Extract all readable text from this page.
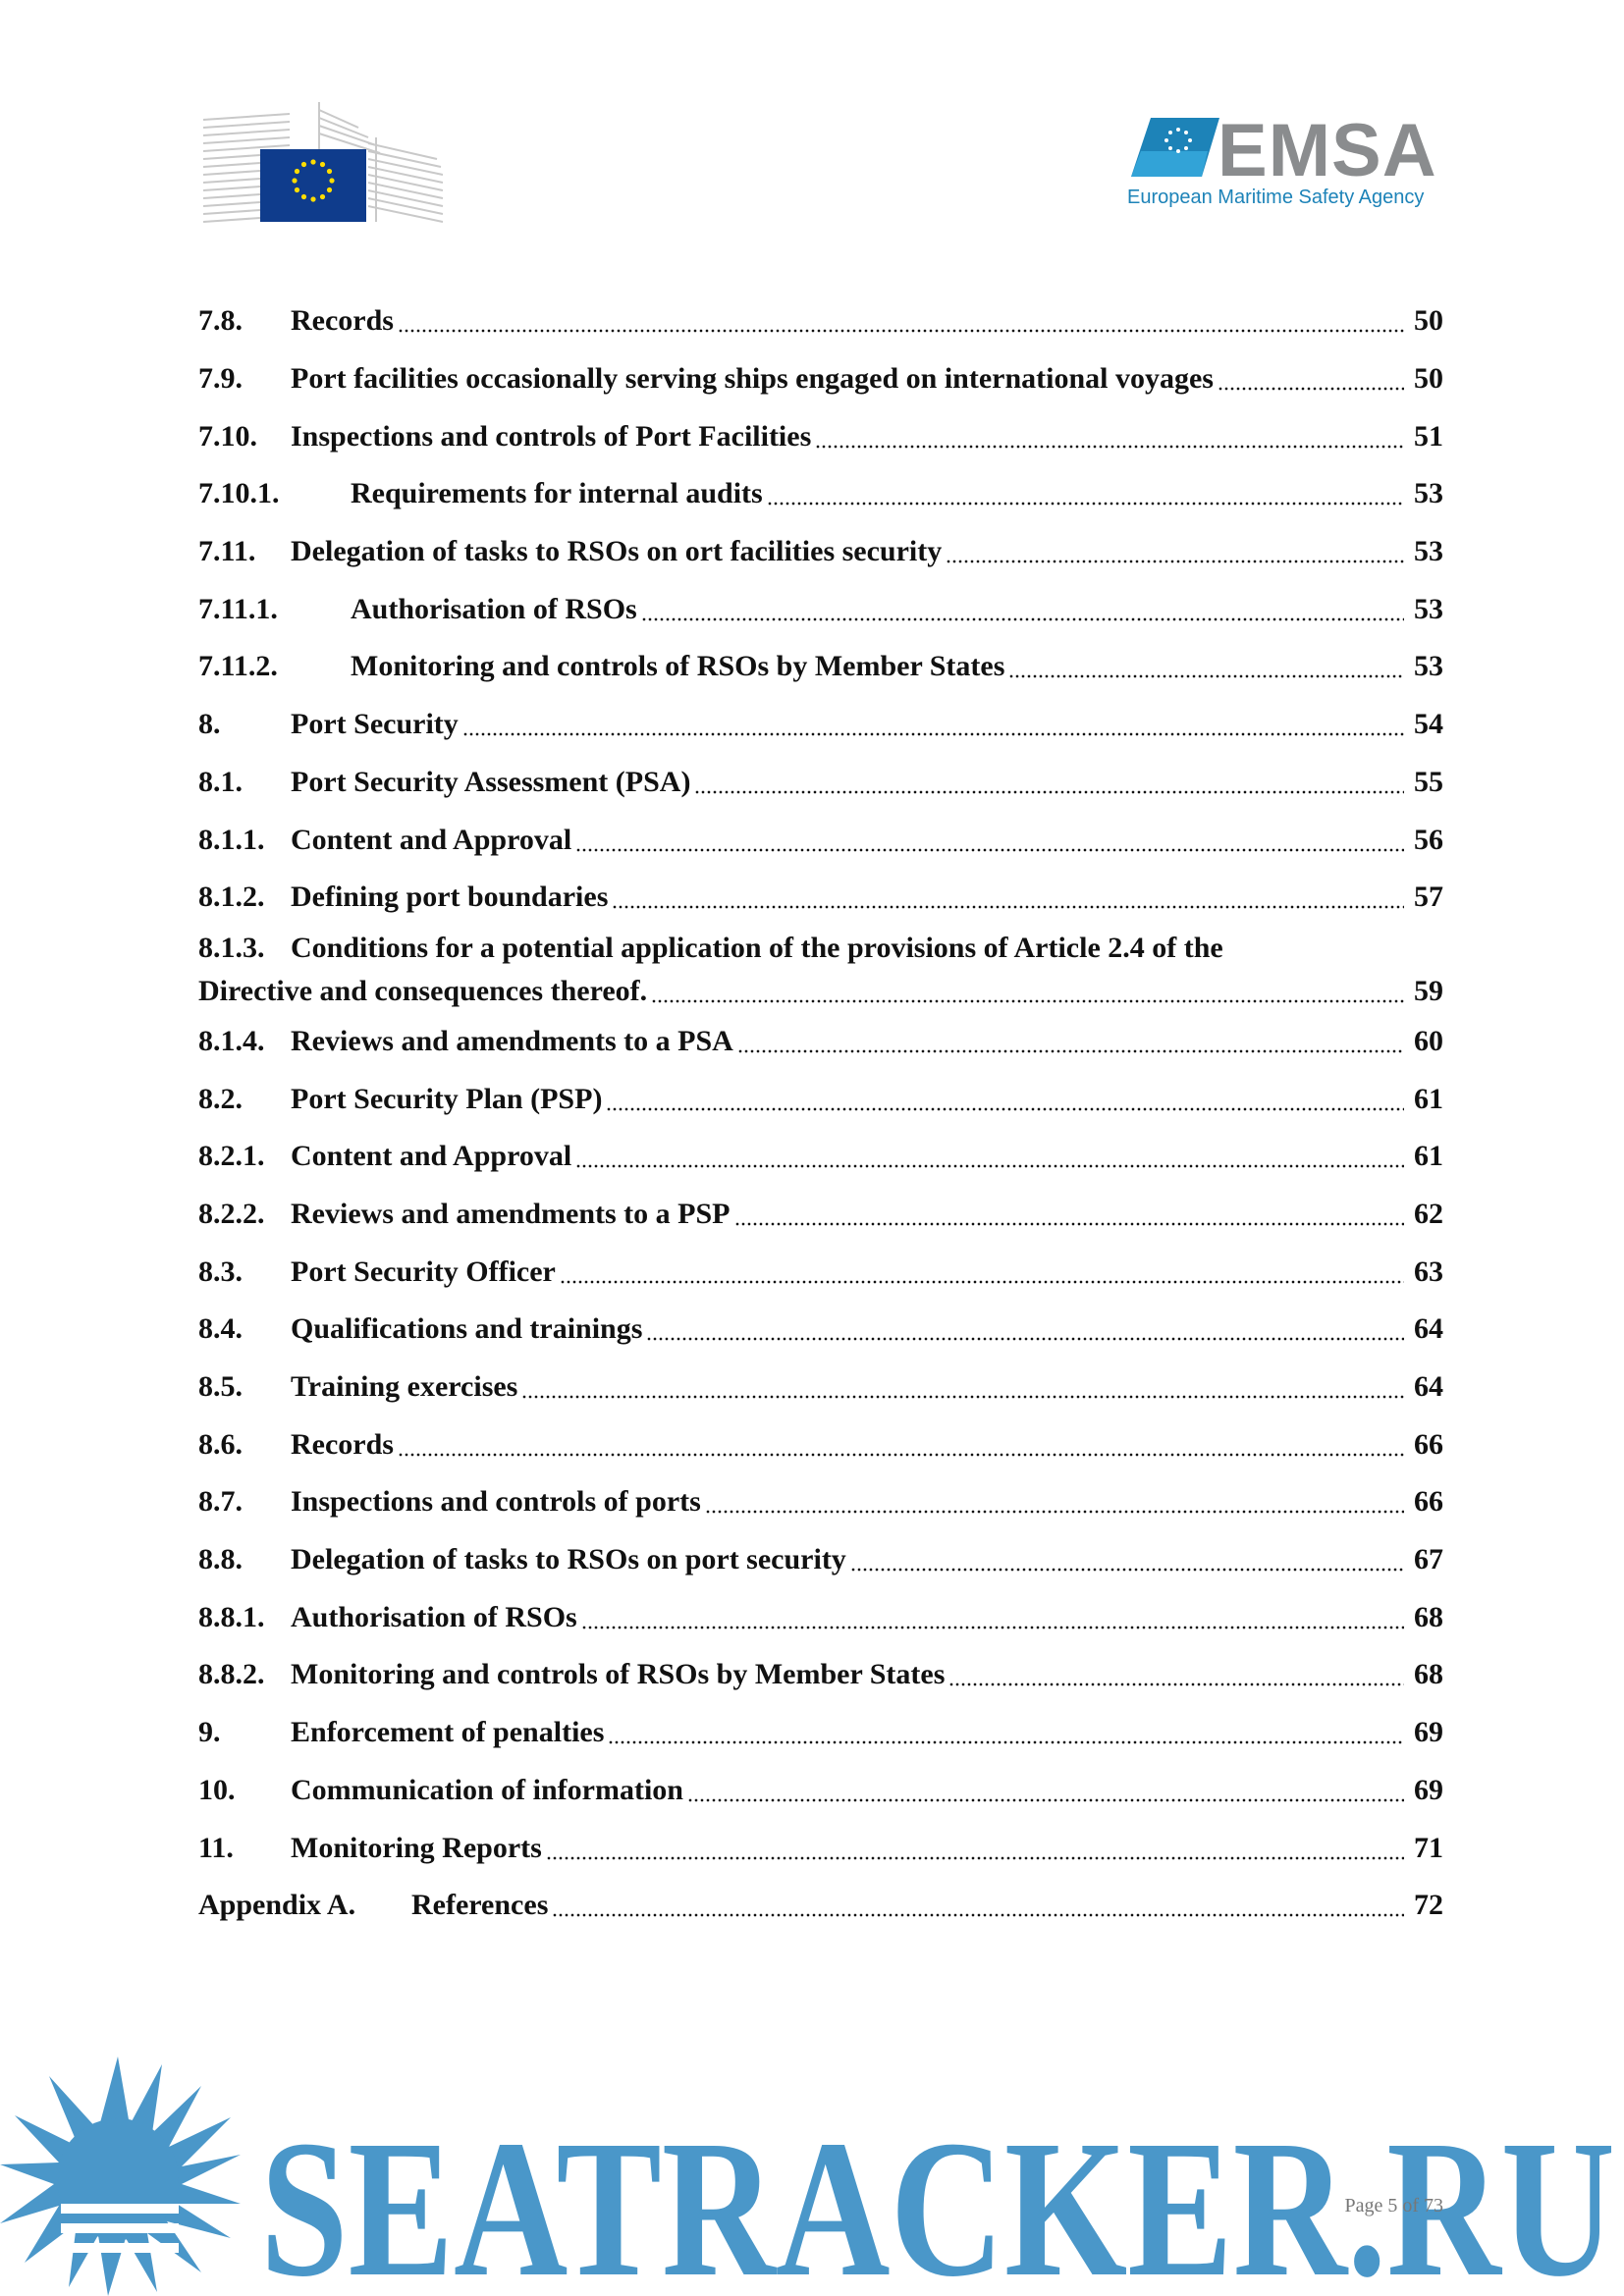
EMSA
European Maritime Safety Agency
7.8.	Records	50
7.9.	Port facilities occasionally serving ships engaged on international voyages	50
7.10.	Inspections and controls of Port Facilities	51
7.10.1.	Requirements for internal audits	53
7.11.	Delegation of tasks to RSOs on ort facilities security	53
7.11.1.	Authorisation of RSOs	53
7.11.2.	Monitoring and controls of RSOs by Member States	53
8.	Port Security	54
8.1.	Port Security Assessment (PSA)	55
8.1.1. Content and Approval	56
8.1.2. Defining port boundaries	57
8.1.3. Conditions for a potential application of the provisions of Article 2.4 of the
Directive and consequences thereof.	59
8.1.4. Reviews and amendments to a PSA	60
8.2.	Port Security Plan (PSP)	61
8.2.1. Content and Approval	61
8.2.2. Reviews and amendments to a PSP	62
8.3.	Port Security Officer	63
8.4.	Qualifications and trainings	64
8.5.	Training exercises	64
8.6.	Records	66
8.7.	Inspections and controls of ports	66
8.8.	Delegation of tasks to RSOs on port security	67
8.8.1. Authorisation of RSOs	68
8.8.2. Monitoring and controls of RSOs by Member States	68
9.	Enforcement of penalties	69
10.	Communication of information	69
11.	Monitoring Reports	71
Appendix A.	References	72
SEATRACKER.RU
Page 5 of 73
